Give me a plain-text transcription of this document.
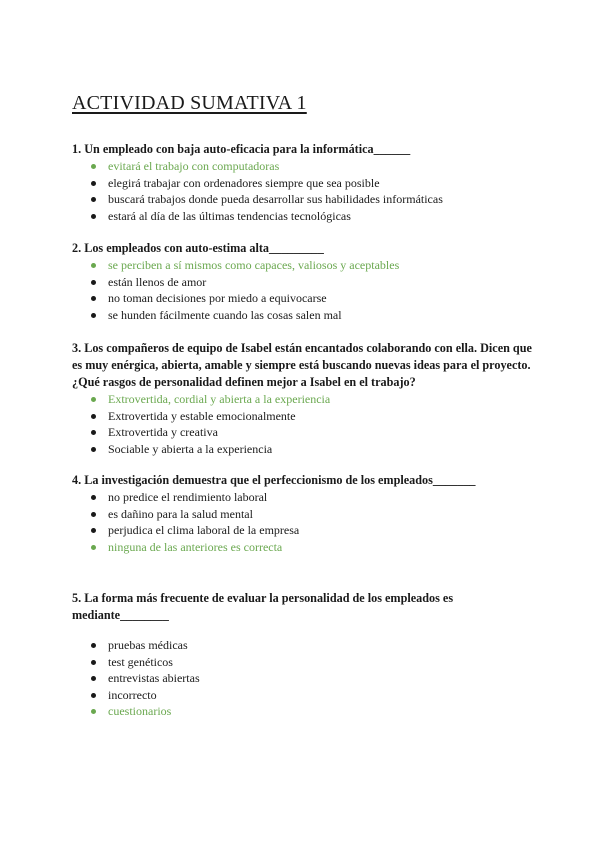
ACTIVIDAD SUMATIVA 1

1. Un empleado con baja auto-eficacia para la informática______

evitará el trabajo con computadoras
elegirá trabajar con ordenadores siempre que sea posible
buscará trabajos donde pueda desarrollar sus habilidades informáticas
estará al día de las últimas tendencias tecnológicas

2. Los empleados con auto-estima alta_________

se perciben a sí mismos como capaces, valiosos y aceptables
están llenos de amor
no toman decisiones por miedo a equivocarse
se hunden fácilmente cuando las cosas salen mal

3. Los compañeros de equipo de Isabel están encantados colaborando con ella. Dicen que es muy enérgica, abierta, amable y siempre está buscando nuevas ideas para el proyecto. ¿Qué rasgos de personalidad definen mejor a Isabel en el trabajo?

Extrovertida, cordial y abierta a la experiencia
Extrovertida y estable emocionalmente
Extrovertida y creativa
Sociable y abierta a la experiencia

4. La investigación demuestra que el perfeccionismo de los empleados_______

no predice el rendimiento laboral
es dañino para la salud mental
perjudica el clima laboral de la empresa
ninguna de las anteriores es correcta

5. La forma más frecuente de evaluar la personalidad de los empleados es mediante________

pruebas médicas
test genéticos
entrevistas abiertas
incorrecto
cuestionarios
